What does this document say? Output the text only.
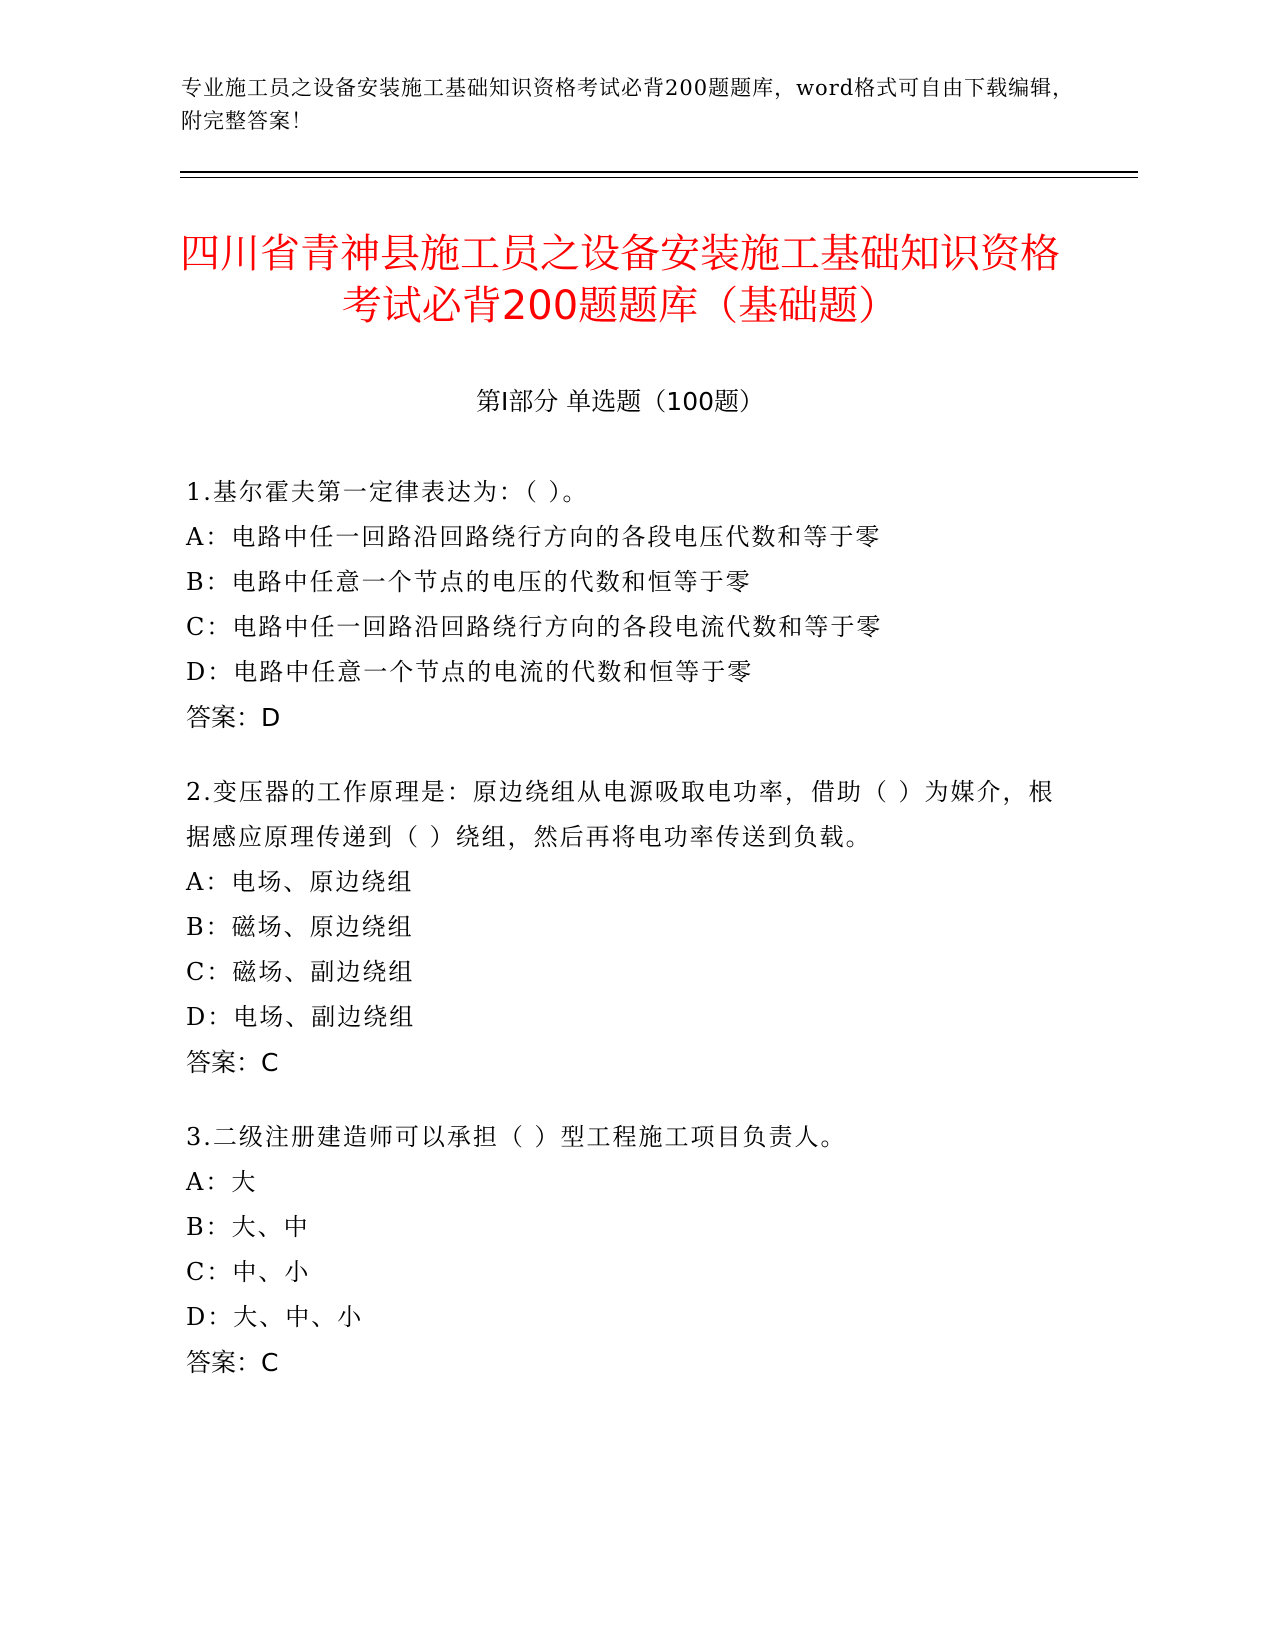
专业施工员之设备安装施工基础知识资格考试必背200题题库，word格式可自由下载编辑，附完整答案！
四川省青神县施工员之设备安装施工基础知识资格考试必背200题题库（基础题）
第Ⅰ部分 单选题（100题）

1.基尔霍夫第一定律表达为：（ ）。

A：电路中任一回路沿回路绕行方向的各段电压代数和等于零

B：电路中任意一个节点的电压的代数和恒等于零

C：电路中任一回路沿回路绕行方向的各段电流代数和等于零

D：电路中任意一个节点的电流的代数和恒等于零

答案：D

2.变压器的工作原理是：原边绕组从电源吸取电功率，借助（ ）为媒介，根据感应原理传递到（ ）绕组，然后再将电功率传送到负载。

A：电场、原边绕组

B：磁场、原边绕组

C：磁场、副边绕组

D：电场、副边绕组

答案：C

3.二级注册建造师可以承担（ ）型工程施工项目负责人。

A：大

B：大、中

C：中、小

D：大、中、小

答案：C
